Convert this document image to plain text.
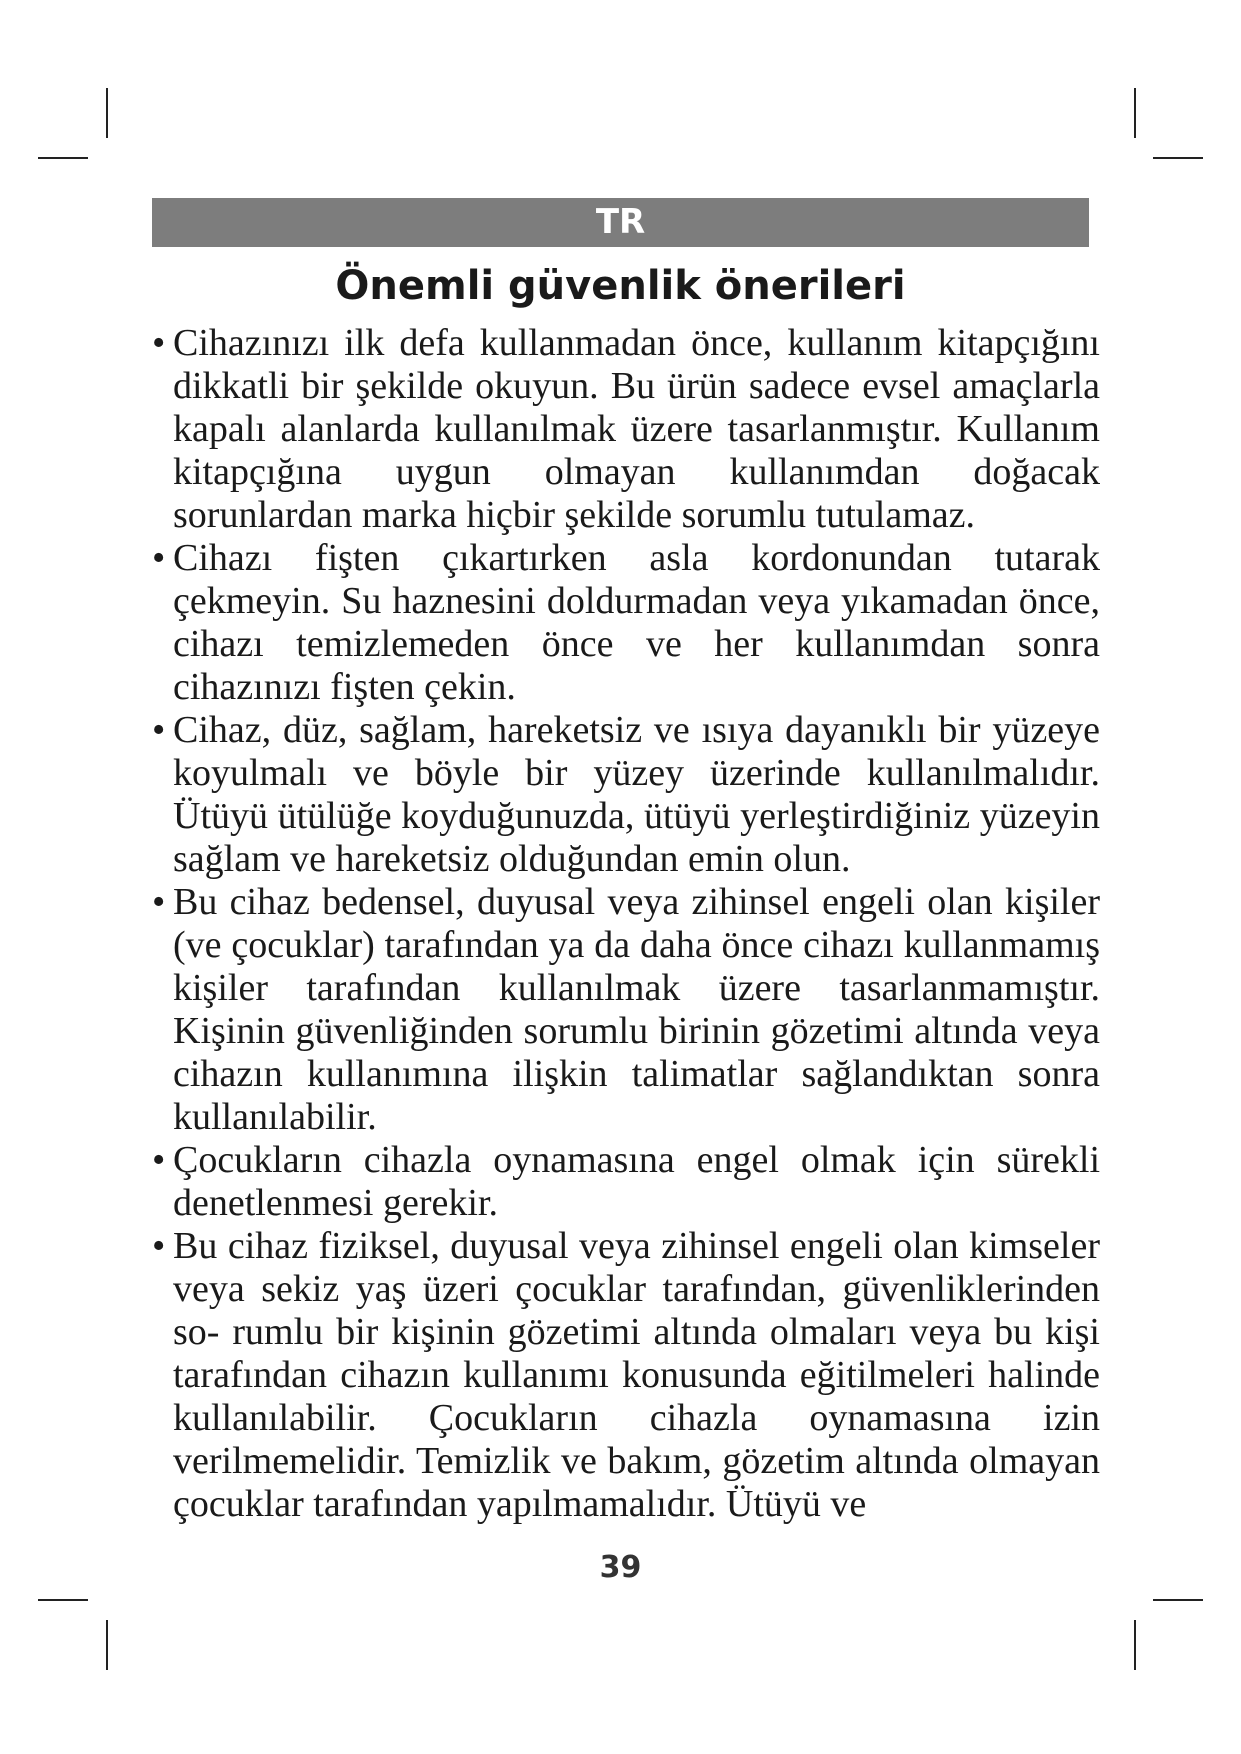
TR
Önemli güvenlik önerileri
• Cihazınızı ilk defa kullanmadan önce, kullanım kitapçığını dikkatli bir şekilde okuyun. Bu ürün sadece evsel amaçlarla kapalı alanlarda kullanılmak üzere tasarlanmıştır. Kullanım kitapçığına uygun olmayan kullanımdan doğacak sorunlardan marka hiçbir şekilde sorumlu tutulamaz.
• Cihazı fişten çıkartırken asla kordonundan tutarak çekmeyin. Su haznesini doldurmadan veya yıkamadan önce, cihazı temizlemeden önce ve her kullanımdan sonra cihazınızı fişten çekin.
• Cihaz, düz, sağlam, hareketsiz ve ısıya dayanıklı bir yüzeye koyulmalı ve böyle bir yüzey üzerinde kullanılmalıdır. Ütüyü ütülüğe koyduğunuzda, ütüyü yerleştirdiğiniz yüzeyin sağlam ve hareketsiz olduğundan emin olun.
• Bu cihaz bedensel, duyusal veya zihinsel engeli olan kişiler (ve çocuklar) tarafından ya da daha önce cihazı kullanmamış kişiler tarafından kullanılmak üzere tasarlanmamıştır. Kişinin güvenliğinden sorumlu birinin gözetimi altında veya cihazın kullanımına ilişkin talimatlar sağlandıktan sonra kullanılabilir.
• Çocukların cihazla oynamasına engel olmak için sürekli denetlenmesi gerekir.
• Bu cihaz fiziksel, duyusal veya zihinsel engeli olan kimseler veya sekiz yaş üzeri çocuklar tarafından, güvenliklerinden so- rumlu bir kişinin gözetimi altında olmaları veya bu kişi tarafından cihazın kullanımı konusunda eğitilmeleri halinde kullanılabilir. Çocukların cihazla oynamasına izin verilmemelidir. Temizlik ve bakım, gözetim altında olmayan çocuklar tarafından yapılmamalıdır. Ütüyü ve
39
